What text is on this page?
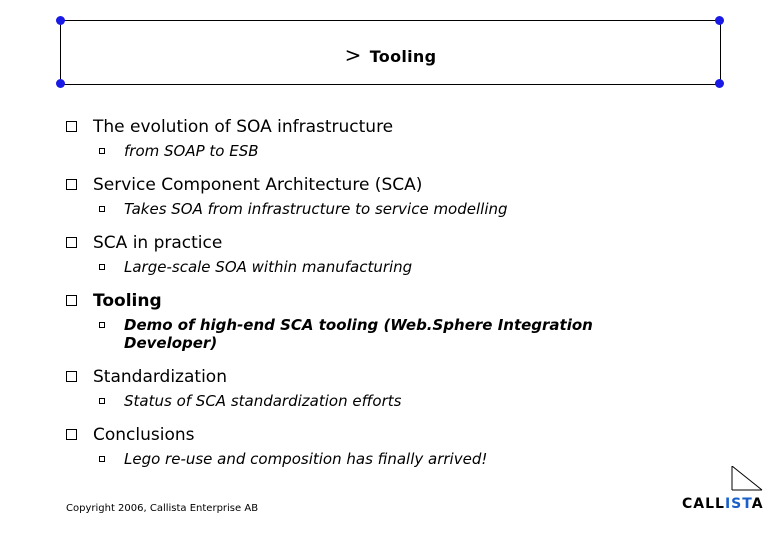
> Tooling
The evolution of SOA infrastructure
from SOAP to ESB
Service Component Architecture (SCA)
Takes SOA from infrastructure to service modelling
SCA in practice
Large-scale SOA within manufacturing
Tooling
Demo of high-end SCA tooling (Web.Sphere Integration Developer)
Standardization
Status of SCA standardization efforts
Conclusions
Lego re-use and composition has finally arrived!
Copyright 2006, Callista Enterprise AB	CALLISTA
